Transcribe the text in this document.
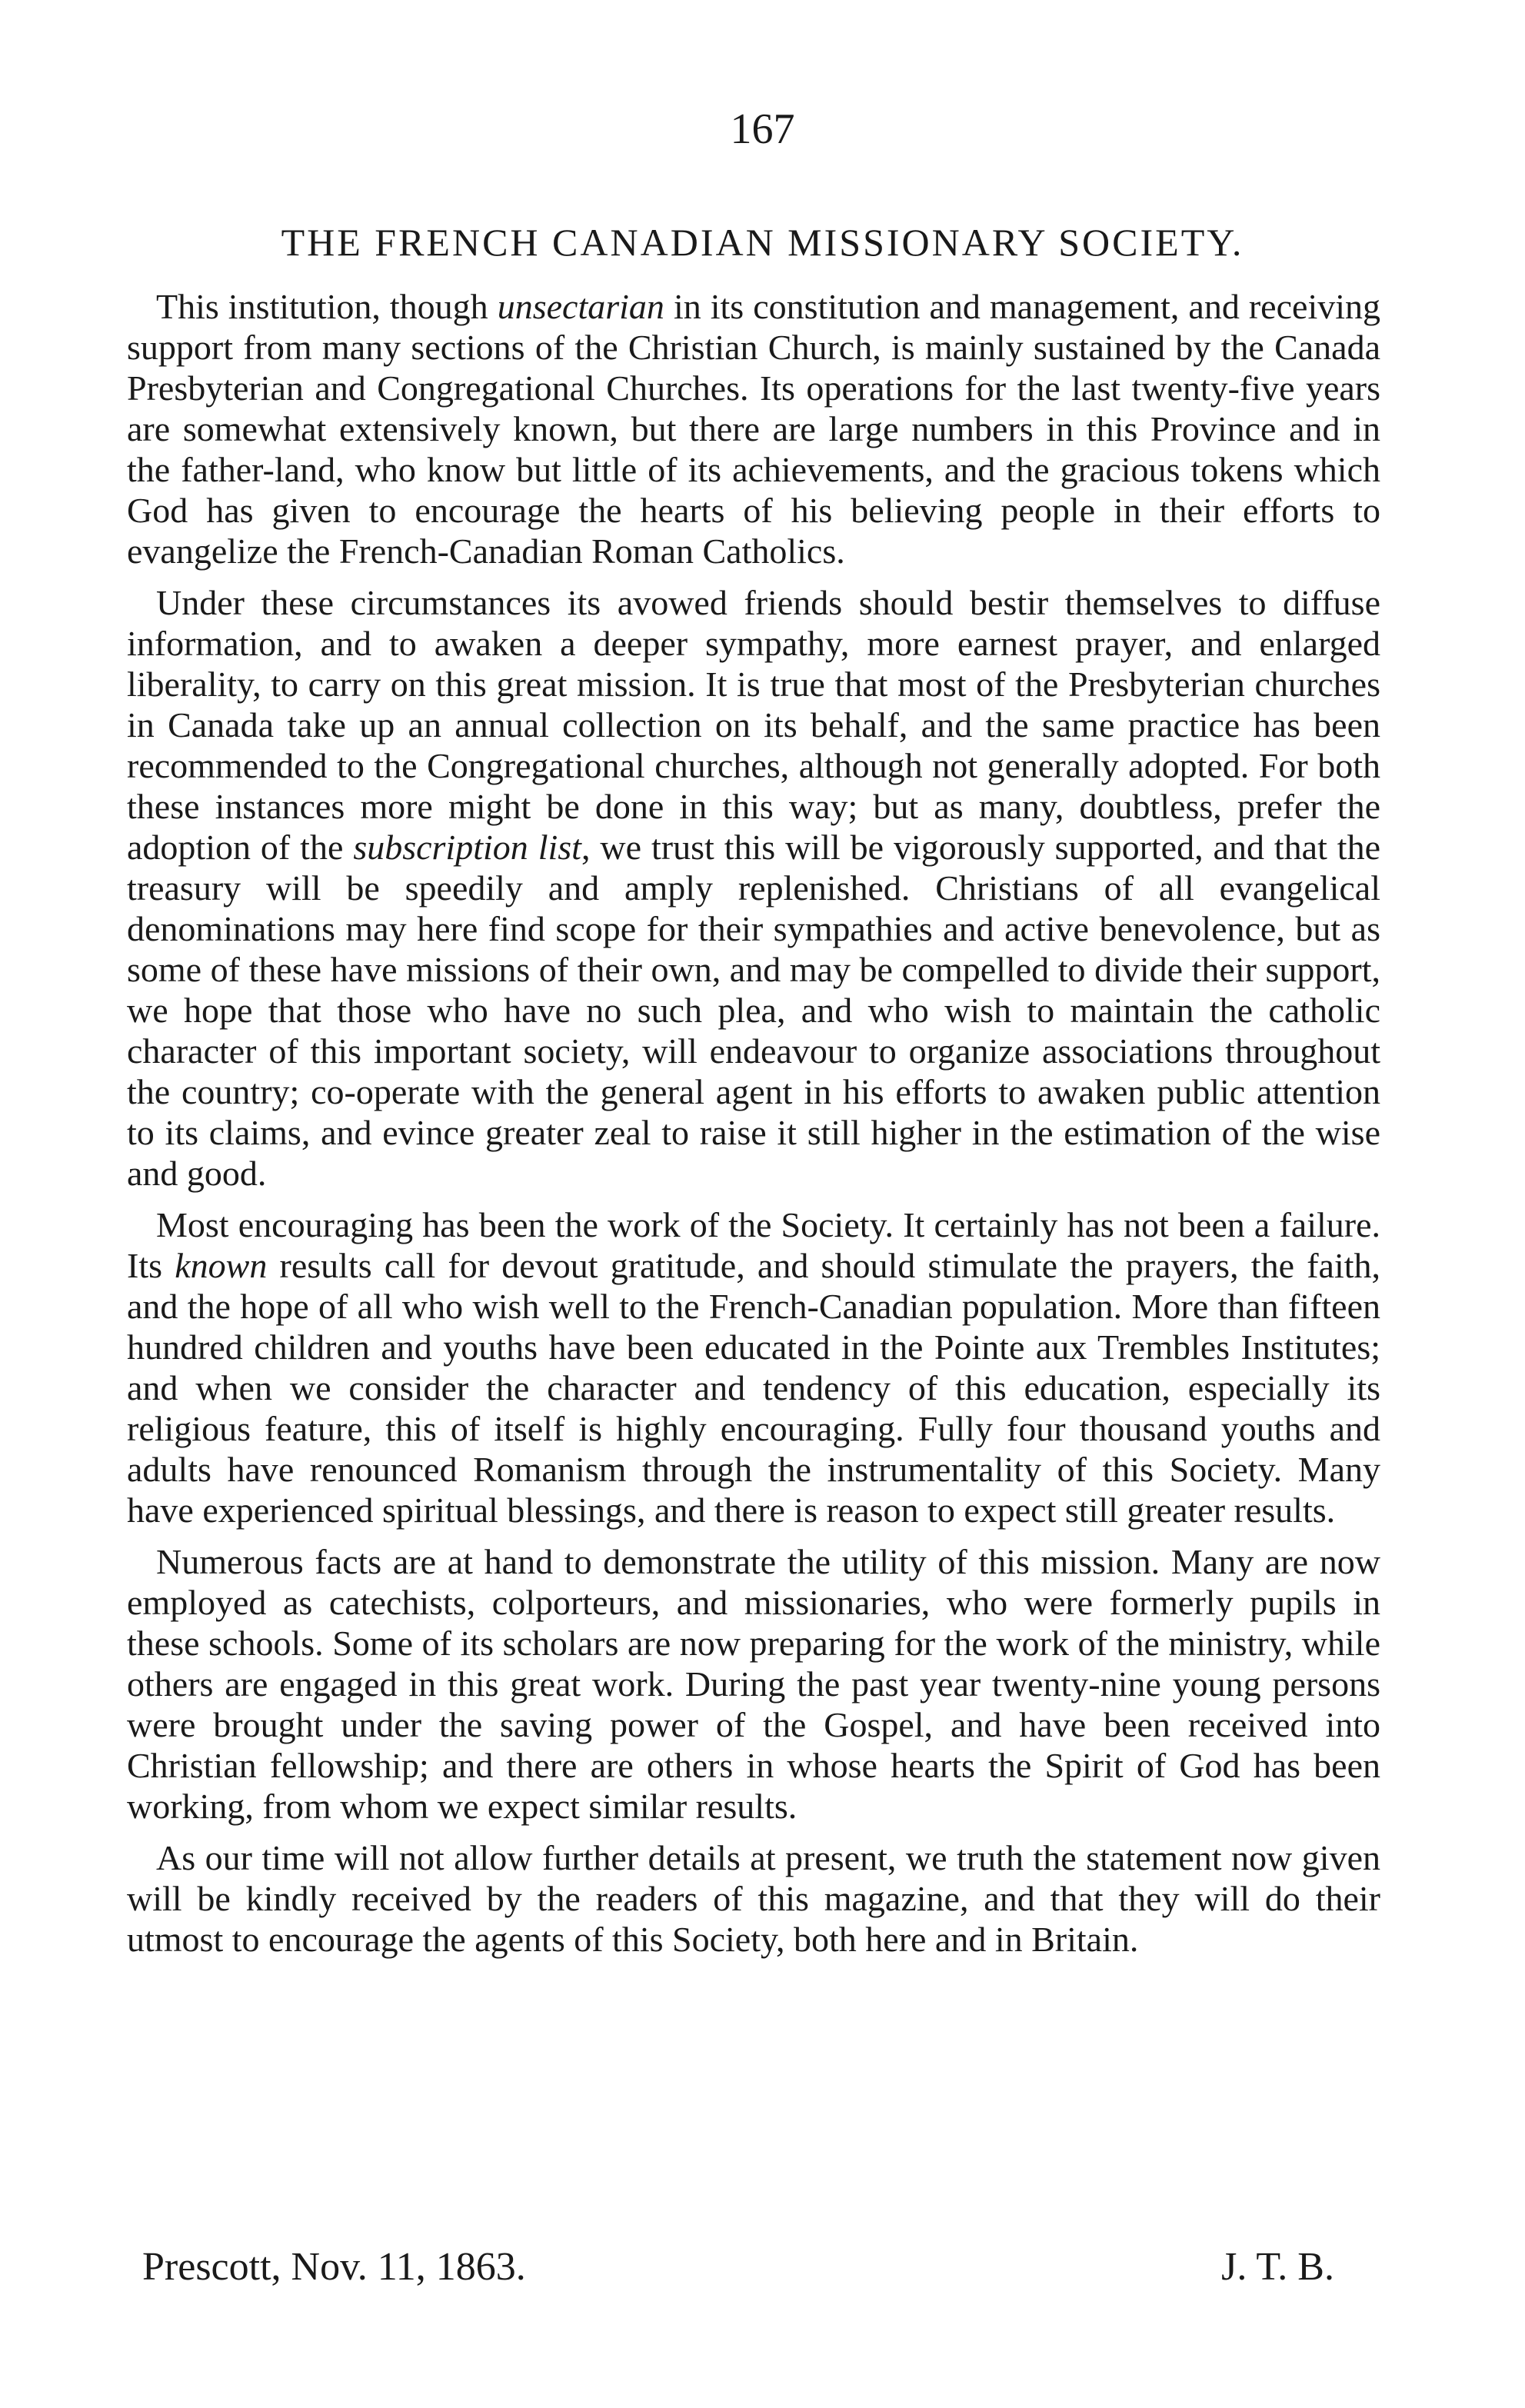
167
THE FRENCH CANADIAN MISSIONARY SOCIETY.

This institution, though unsectarian in its constitution and management, and receiving support from many sections of the Christian Church, is mainly sustained by the Canada Presbyterian and Congregational Churches. Its operations for the last twenty-five years are somewhat extensively known, but there are large numbers in this Province and in the father-land, who know but little of its achievements, and the gracious tokens which God has given to encourage the hearts of his believing people in their efforts to evangelize the French-Canadian Roman Catholics.

Under these circumstances its avowed friends should bestir themselves to diffuse information, and to awaken a deeper sympathy, more earnest prayer, and enlarged liberality, to carry on this great mission. It is true that most of the Presbyterian churches in Canada take up an annual collection on its behalf, and the same practice has been recommended to the Congregational churches, although not generally adopted. For both these instances more might be done in this way; but as many, doubtless, prefer the adoption of the subscription list, we trust this will be vigorously supported, and that the treasury will be speedily and amply replenished. Christians of all evangelical denominations may here find scope for their sympathies and active benevolence, but as some of these have missions of their own, and may be compelled to divide their support, we hope that those who have no such plea, and who wish to maintain the catholic character of this important society, will endeavour to organize associations throughout the country; co-operate with the general agent in his efforts to awaken public attention to its claims, and evince greater zeal to raise it still higher in the estimation of the wise and good.

Most encouraging has been the work of the Society. It certainly has not been a failure. Its known results call for devout gratitude, and should stimulate the prayers, the faith, and the hope of all who wish well to the French-Canadian population. More than fifteen hundred children and youths have been educated in the Pointe aux Trembles Institutes; and when we consider the character and tendency of this education, especially its religious feature, this of itself is highly encouraging. Fully four thousand youths and adults have renounced Romanism through the instrumentality of this Society. Many have experienced spiritual blessings, and there is reason to expect still greater results.

Numerous facts are at hand to demonstrate the utility of this mission. Many are now employed as catechists, colporteurs, and missionaries, who were formerly pupils in these schools. Some of its scholars are now preparing for the work of the ministry, while others are engaged in this great work. During the past year twenty-nine young persons were brought under the saving power of the Gospel, and have been received into Christian fellowship; and there are others in whose hearts the Spirit of God has been working, from whom we expect similar results.

As our time will not allow further details at present, we truth the statement now given will be kindly received by the readers of this magazine, and that they will do their utmost to encourage the agents of this Society, both here and in Britain.

Prescott, Nov. 11, 1863.	J. T. B.
